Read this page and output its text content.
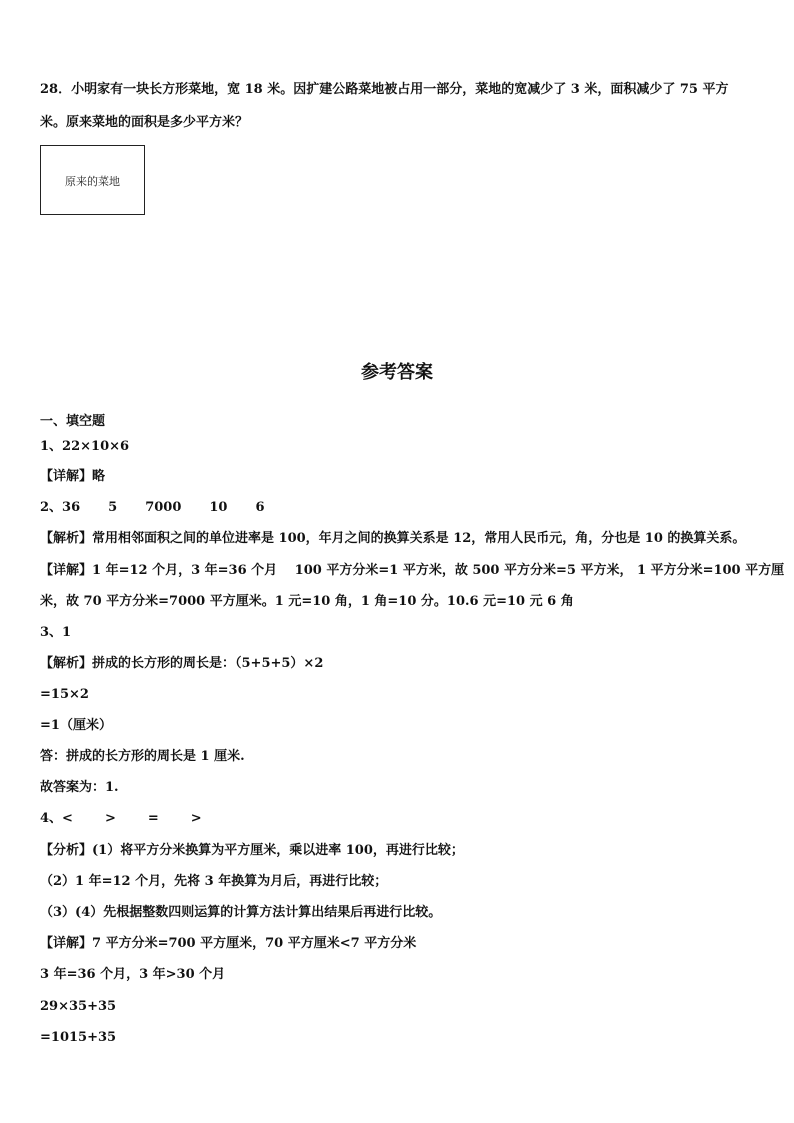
28．小明家有一块长方形菜地，宽 18 米。因扩建公路菜地被占用一部分，菜地的宽减少了 3 米，面积减少了 75 平方
米。原来菜地的面积是多少平方米？
原来的菜地
参考答案
一、填空题
1、22×10×6
【详解】略
2、36 5 7000 10 6
【解析】常用相邻面积之间的单位进率是 100，年月之间的换算关系是 12，常用人民币元，角，分也是 10 的换算关系。
【详解】1 年=12 个月，3 年=36 个月　 100 平方分米=1 平方米，故 500 平方分米=5 平方米， 1 平方分米=100 平方厘
米，故 70 平方分米=7000 平方厘米。1 元=10 角，1 角=10 分。10.6 元=10 元 6 角
3、1
【解析】拼成的长方形的周长是：（5+5+5）×2
=15×2
=1（厘米）
答：拼成的长方形的周长是 1 厘米.
故答案为：1.
4、< > = >
【分析】(1）将平方分米换算为平方厘米，乘以进率 100，再进行比较；
（2）1 年=12 个月，先将 3 年换算为月后，再进行比较；
（3）(4）先根据整数四则运算的计算方法计算出结果后再进行比较。
【详解】7 平方分米=700 平方厘米，70 平方厘米<7 平方分米
3 年=36 个月，3 年>30 个月
29×35+35
=1015+35
